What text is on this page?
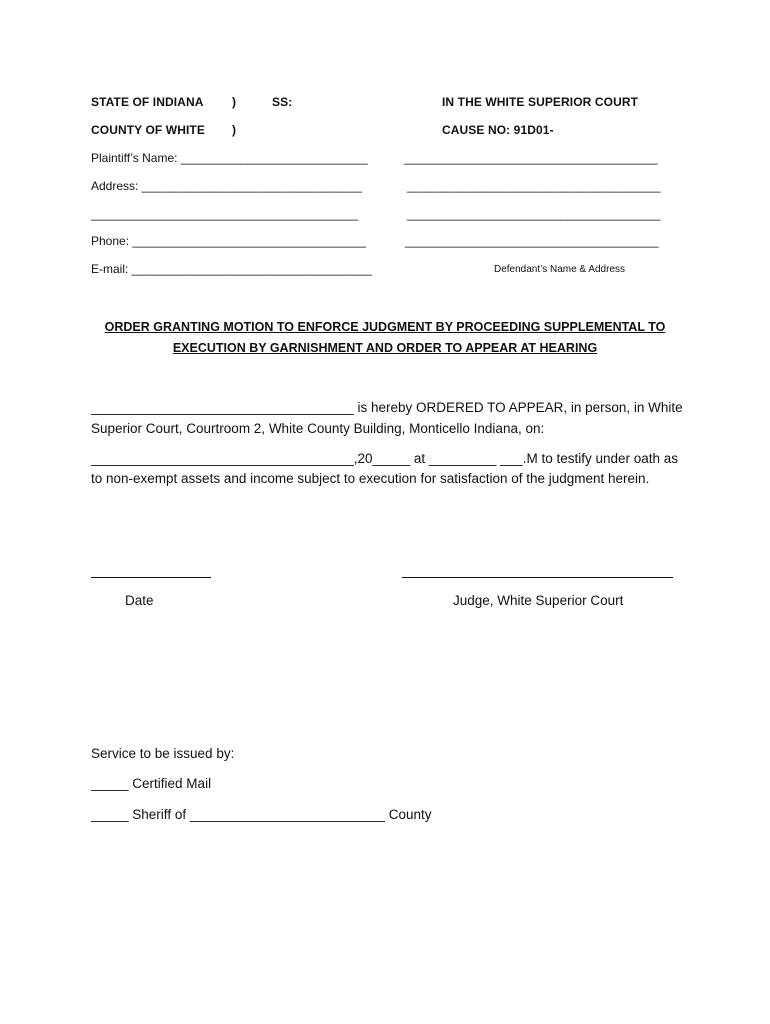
STATE OF INDIANA )	SS:	IN THE WHITE SUPERIOR COURT
COUNTY OF WHITE )	CAUSE NO: 91D01-
Plaintiff’s Name: ____________________________	______________________________________
Address: _________________________________	______________________________________
________________________________________	______________________________________
Phone: ___________________________________	______________________________________
E-mail: ____________________________________	Defendant’s Name & Address
ORDER GRANTING MOTION TO ENFORCE JUDGMENT BY PROCEEDING SUPPLEMENTAL TO
EXECUTION BY GARNISHMENT AND ORDER TO APPEAR AT HEARING
___________________________________ is hereby ORDERED TO APPEAR, in person, in White
Superior Court, Courtroom 2, White County Building, Monticello Indiana, on:
___________________________________,20_____ at _________ ___.M to testify under oath as
to non-exempt assets and income subject to execution for satisfaction of the judgment herein.
Date	Judge, White Superior Court
Service to be issued by:
_____ Certified Mail
_____ Sheriff of __________________________ County
